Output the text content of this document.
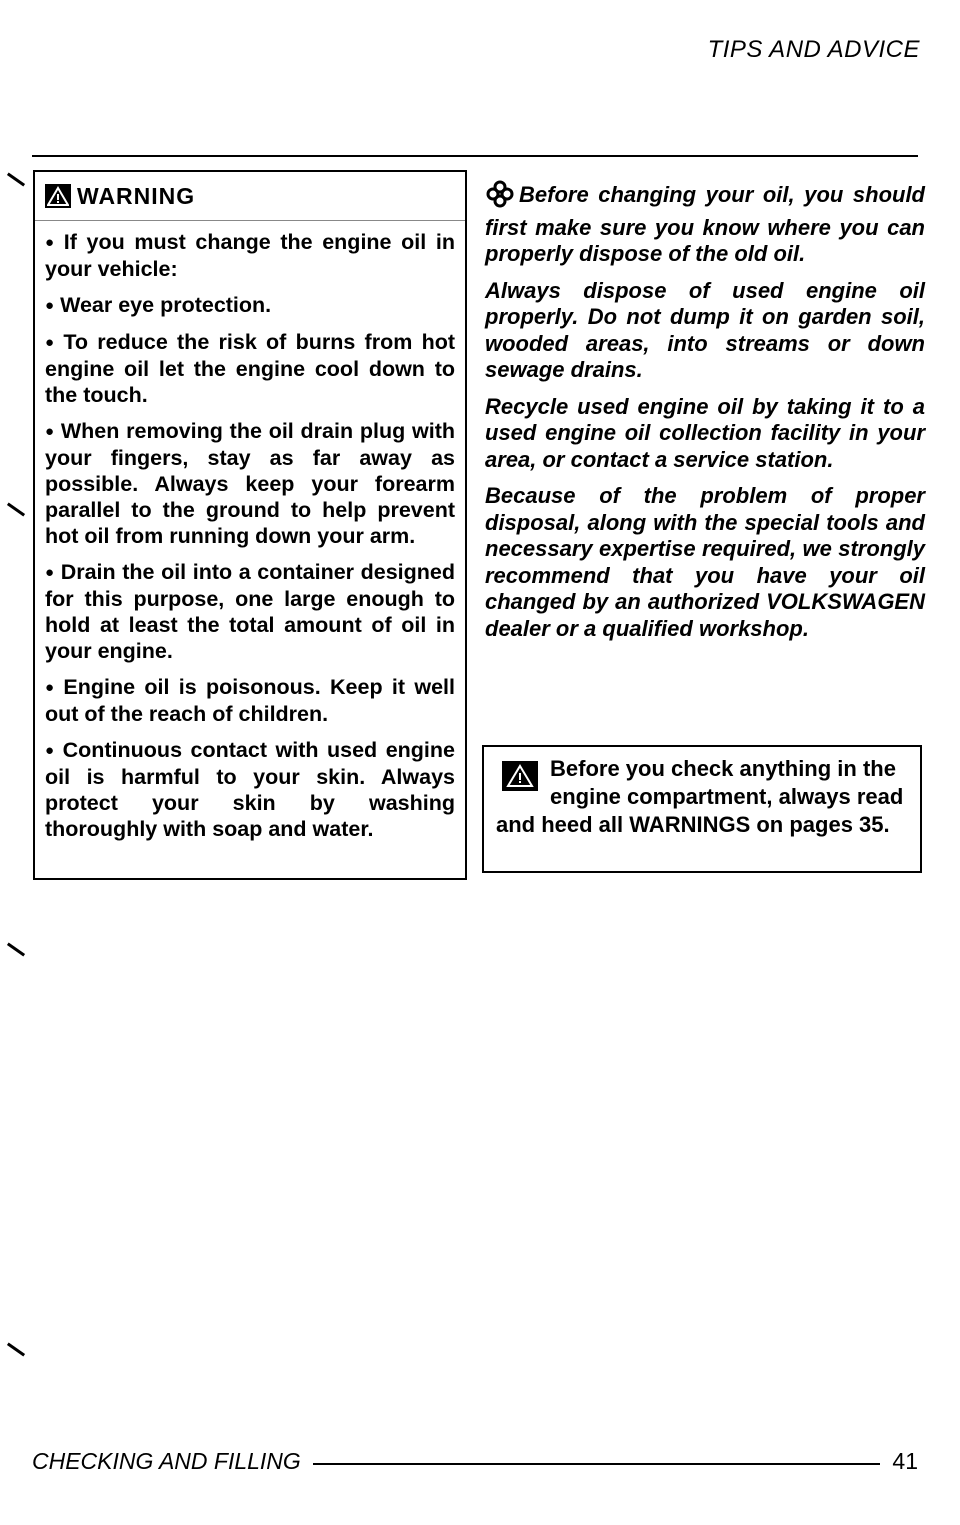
TIPS AND ADVICE
WARNING

● If you must change the engine oil in your vehicle:

● Wear eye protection.

● To reduce the risk of burns from hot engine oil let the engine cool down to the touch.

● When removing the oil drain plug with your fingers, stay as far away as possible. Always keep your forearm parallel to the ground to help prevent hot oil from running down your arm.

● Drain the oil into a container designed for this purpose, one large enough to hold at least the total amount of oil in your engine.

● Engine oil is poisonous. Keep it well out of the reach of children.

● Continuous contact with used engine oil is harmful to your skin. Always protect your skin by washing thoroughly with soap and water.

Before changing your oil, you should first make sure you know where you can properly dispose of the old oil.

Always dispose of used engine oil properly. Do not dump it on garden soil, wooded areas, into streams or down sewage drains.

Recycle used engine oil by taking it to a used engine oil collection facility in your area, or contact a service station.

Because of the problem of proper disposal, along with the special tools and necessary expertise required, we strongly recommend that you have your oil changed by an authorized VOLKSWAGEN dealer or a qualified workshop.

Before you check anything in the engine compartment, always read and heed all WARNINGS on pages 35.
CHECKING AND FILLING	41
